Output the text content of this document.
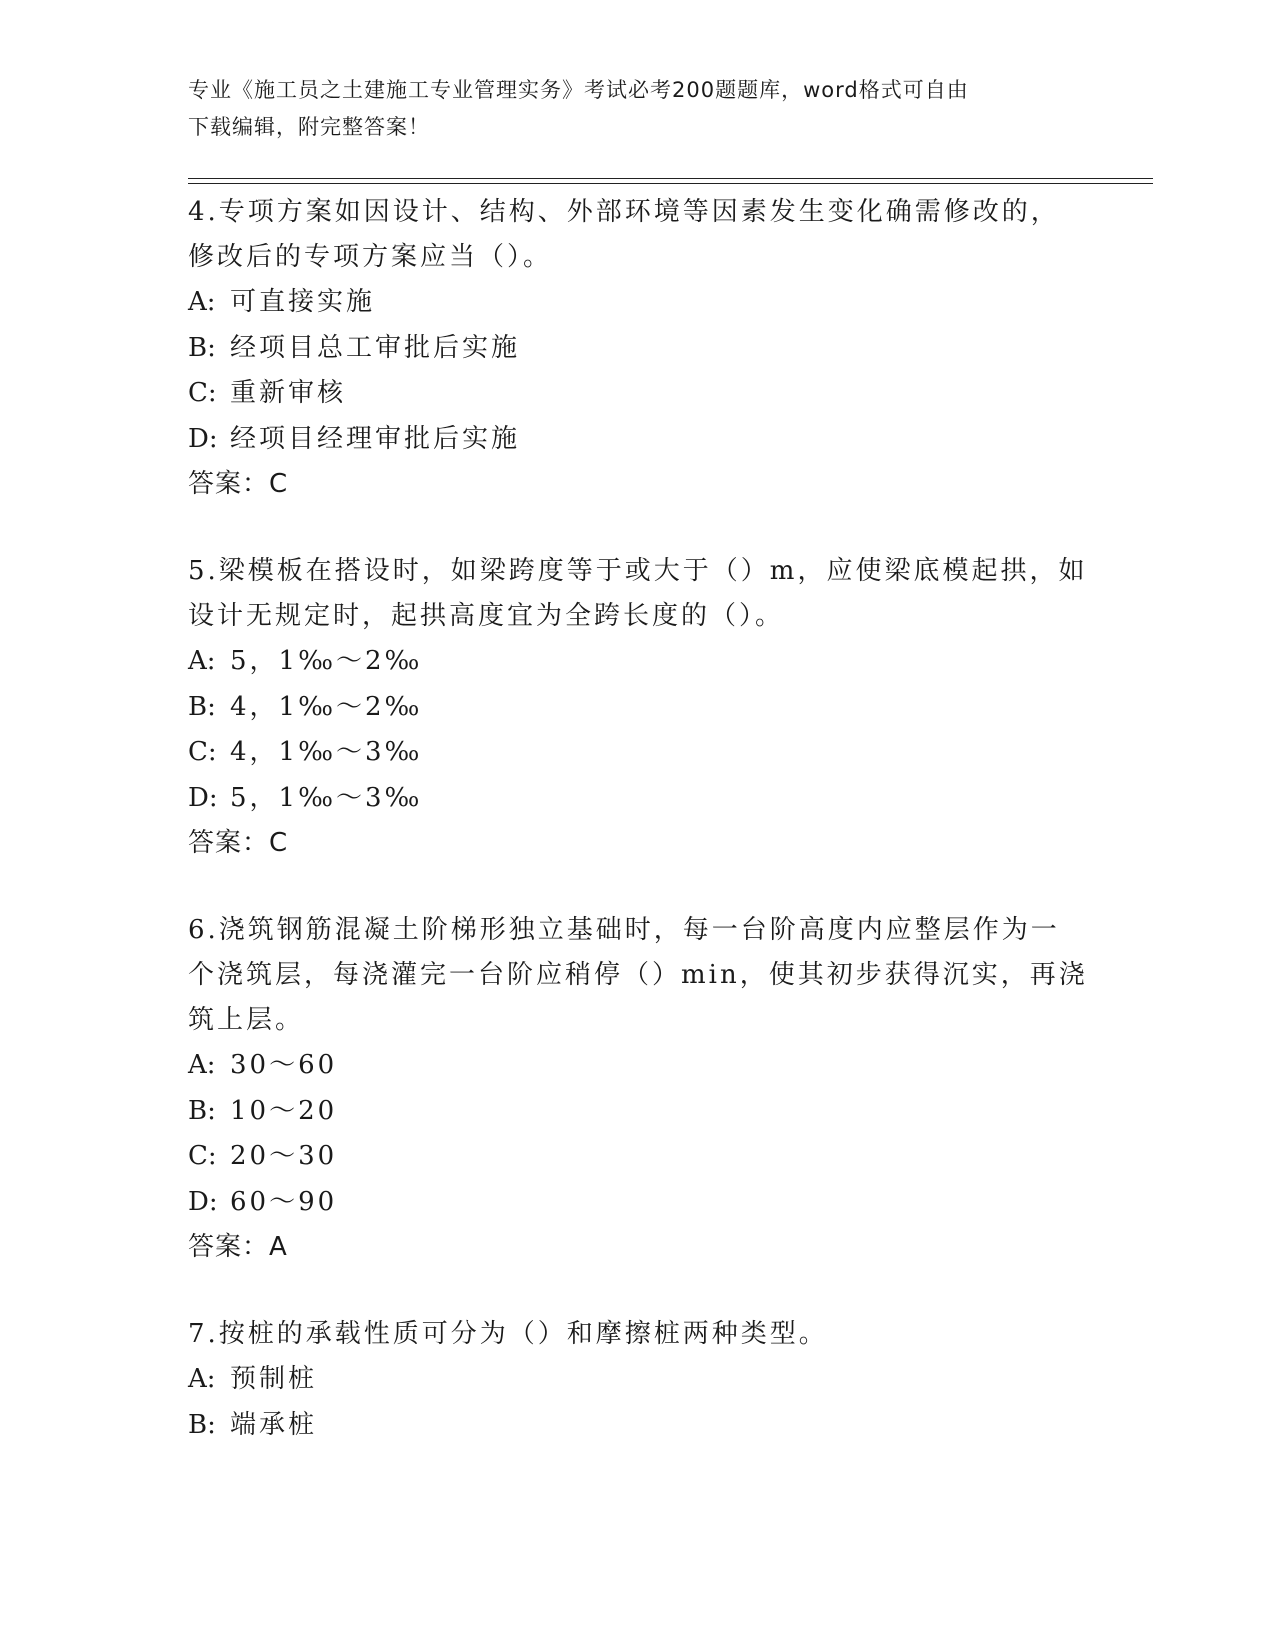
专业《施工员之土建施工专业管理实务》考试必考200题题库，word格式可自由
下载编辑，附完整答案！
4.专项方案如因设计、结构、外部环境等因素发生变化确需修改的，
修改后的专项方案应当（）。
A: 可直接实施
B: 经项目总工审批后实施
C: 重新审核
D: 经项目经理审批后实施
答案：C
5.梁模板在搭设时，如梁跨度等于或大于（）m，应使梁底模起拱，如
设计无规定时，起拱高度宜为全跨长度的（）。
A: 5，1‰～2‰
B: 4，1‰～2‰
C: 4，1‰～3‰
D: 5，1‰～3‰
答案：C
6.浇筑钢筋混凝土阶梯形独立基础时，每一台阶高度内应整层作为一
个浇筑层，每浇灌完一台阶应稍停（）min，使其初步获得沉实，再浇
筑上层。
A: 30～60
B: 10～20
C: 20～30
D: 60～90
答案：A
7.按桩的承载性质可分为（）和摩擦桩两种类型。
A: 预制桩
B: 端承桩
